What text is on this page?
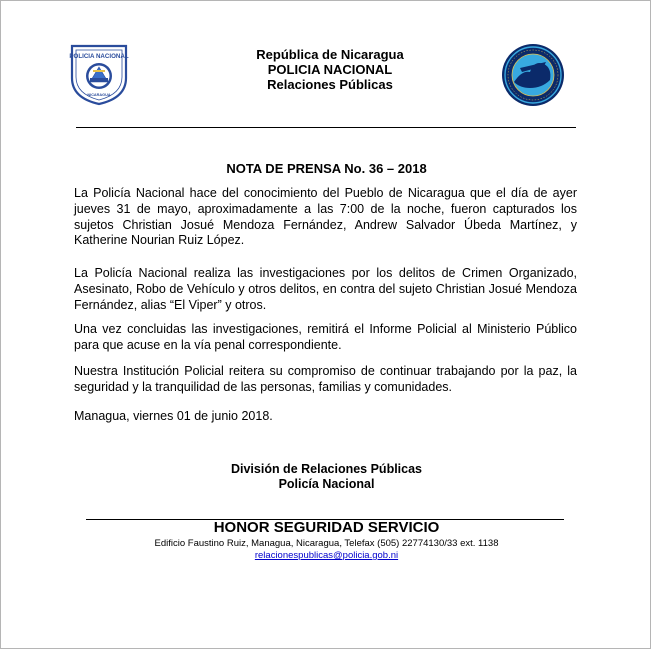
POLICIA NACIONAL
NICARAGUA
República de Nicaragua
POLICIA NACIONAL
Relaciones Públicas
NOTA DE PRENSA No. 36 – 2018

La Policía Nacional hace del conocimiento del Pueblo de Nicaragua que el día de ayer jueves 31 de mayo, aproximadamente a las 7:00 de la noche, fueron capturados los sujetos Christian Josué Mendoza Fernández, Andrew Salvador Úbeda Martínez, y Katherine Nourian Ruiz López.

La Policía Nacional realiza las investigaciones por los delitos de Crimen Organizado, Asesinato, Robo de Vehículo y otros delitos, en contra del sujeto Christian Josué Mendoza Fernández, alias “El Viper” y otros.

Una vez concluidas las investigaciones, remitirá el Informe Policial al Ministerio Público para que acuse en la vía penal correspondiente.

Nuestra Institución Policial reitera su compromiso de continuar trabajando por la paz, la seguridad y la tranquilidad de las personas, familias y comunidades.

Managua, viernes 01 de junio 2018.

División de Relaciones Públicas
Policía Nacional
HONOR SEGURIDAD SERVICIO
Edificio Faustino Ruiz, Managua, Nicaragua, Telefax (505) 22774130/33 ext. 1138
relacionespublicas@policia.gob.ni
